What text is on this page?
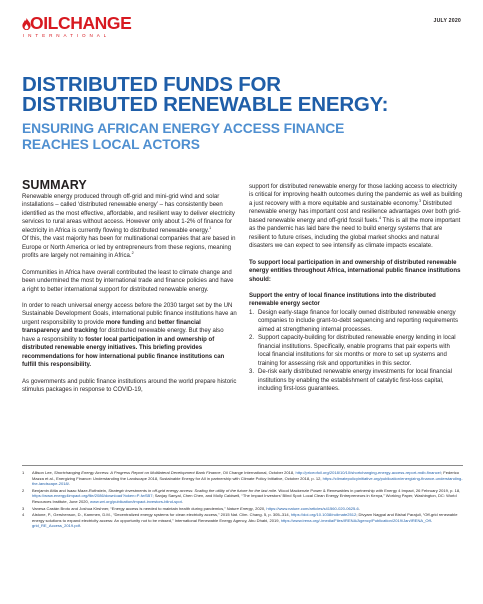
OILCHANGE
INTERNATIONAL
JULY 2020
DISTRIBUTED FUNDS FOR
DISTRIBUTED RENEWABLE ENERGY:
ENSURING AFRICAN ENERGY ACCESS FINANCE
REACHES LOCAL ACTORS
SUMMARY

Renewable energy produced through off-grid and mini-grid wind and solar installations – called ‘distributed renewable energy’ – has consistently been identified as the most effective, affordable, and resilient way to deliver electricity services to rural areas without access. However only about 1-2% of finance for electricity in Africa is currently flowing to distributed renewable energy.$^1$

Of this, the vast majority has been for multinational companies that are based in Europe or North America or led by entrepreneurs from these regions, meaning profits are largely not remaining in Africa.$^2$

Communities in Africa have overall contributed the least to climate change and been undermined the most by international trade and finance policies and have a right to better international support for distributed renewable energy.

In order to reach universal energy access before the 2030 target set by the UN Sustainable Development Goals, international public finance institutions have an urgent responsibility to provide more funding and better financial transparency and tracking for distributed renewable energy. But they also have a responsibility to foster local participation in and ownership of distributed renewable energy initiatives. This briefing provides recommendations for how international public finance institutions can fulfill this responsibility.

As governments and public finance institutions around the world prepare historic stimulus packages in response to COVID-19,

support for distributed renewable energy for those lacking access to electricity is critical for improving health outcomes during the pandemic as well as building a just recovery with a more equitable and sustainable economy.$^3$ Distributed renewable energy has important cost and resilience advantages over both grid-based renewable energy and off-grid fossil fuels.$^4$ This is all the more important as the pandemic has laid bare the need to build energy systems that are resilient to future crises, including the global market shocks and natural disasters we can expect to see intensify as climate impacts escalate.

To support local participation in and ownership of distributed renewable energy entities throughout Africa, international public finance institutions should:

Support the entry of local finance institutions into the distributed renewable energy sector

1. Design early-stage finance for locally owned distributed renewable energy companies to include grant-to-debt sequencing and reporting requirements aimed at strengthening internal processes.
2. Support capacity-building for distributed renewable energy lending in local financial institutions. Specifically, enable programs that pair experts with local financial institutions for six months or more to set up systems and training for assessing risk and opportunities in this sector.
3. De-risk early distributed renewable energy investments for local financial institutions by enabling the establishment of catalytic first-loss capital, including first-loss guarantees.
1 Allison Lee, Shortchanging Energy Access: A Progress Report on Multilateral Development Bank Finance, Oil Change International, October 2018, http://priceofoil.org/2018/10/10/shortchanging-energy-access-report-mdb-finance/; Federico Mazza et al., Energizing Finance: Understanding the Landscape 2018, Sustainable Energy for All in partnership with Climate Policy Initiative, October 2018, p. 12, https://climatepolicyinitiative.org/publication/energizing-finance-understanding-the-landscape-2018/.
2 Benjamin Attia and Isaac Maze-Rothstein, Strategic investments in off-grid energy access: Scaling the utility of the future for the last mile. Wood Mackenzie Power & Renewables in partnership with Energy 4 Impact, 26 February 2019, p. 18, https://www.energy4impact.org/file/2086/download?token=P-fwSB7; Sanjay Sanyal, Chen Chen, and Molly Caldwell, “The Impact Investors’ Blind Spot: Local Clean Energy Entrepreneurs in Kenya,” Working Paper, Washington, DC: World Resources Institute, June 2020, www.wri.org/publication/impact-investors-blind-spot.
3 Vanesa Castán Broto and Joshua Kirshner, “Energy access is needed to maintain health during pandemics,” Nature Energy, 2020, https://www.nature.com/articles/s41560-020-0625-6.
4 Alstone, P., Gershenson, D., Kammen, D.M., “Decentralized energy systems for clean electricity access,” 2015 Nat. Clim. Chang. 5, p. 305–314, https://doi.org/10.1038/nclimate2512; Divyam Nagpal and Bishal Parajuli, “Off-grid renewable energy solutions to expand electricity access: An opportunity not to be missed,” International Renewable Energy Agency, Abu Dhabi, 2019, https://www.irena.org/-/media/Files/IRENA/Agency/Publication/2019/Jan/IRENA_Off-grid_RE_Access_2019.pdf.
